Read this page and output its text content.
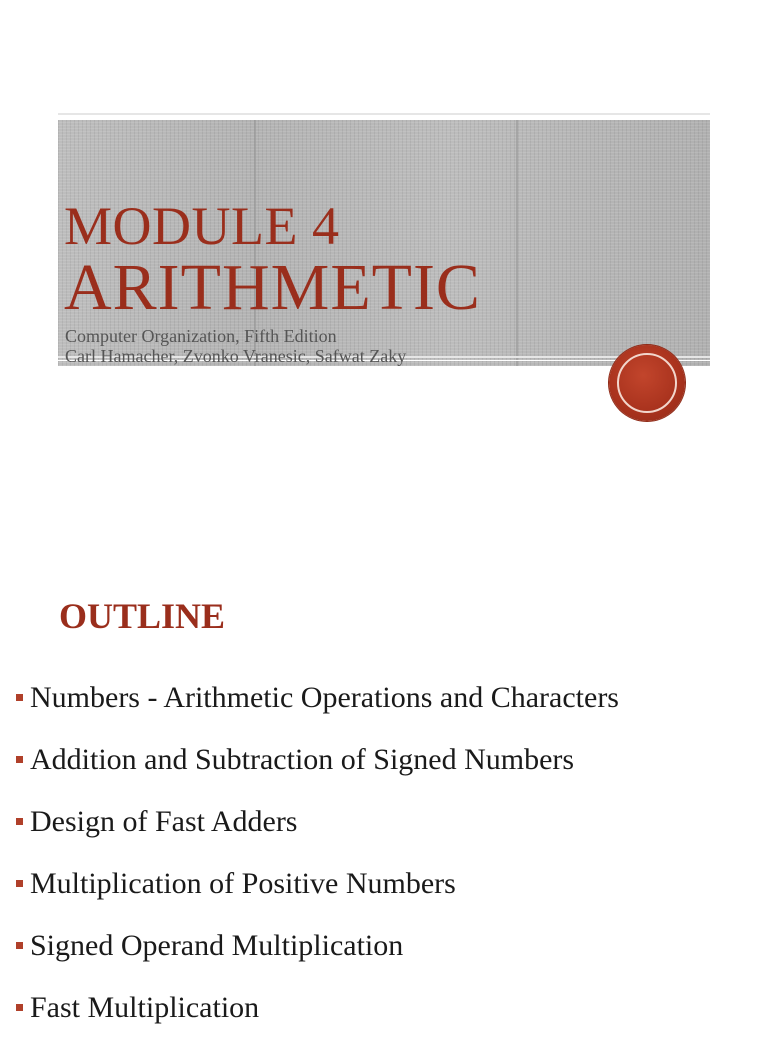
MODULE 4
ARITHMETIC
Computer Organization, Fifth Edition
Carl Hamacher, Zvonko Vranesic, Safwat Zaky
OUTLINE
Numbers - Arithmetic Operations and Characters
Addition and Subtraction of Signed Numbers
Design of Fast Adders
Multiplication of Positive Numbers
Signed Operand Multiplication
Fast Multiplication
